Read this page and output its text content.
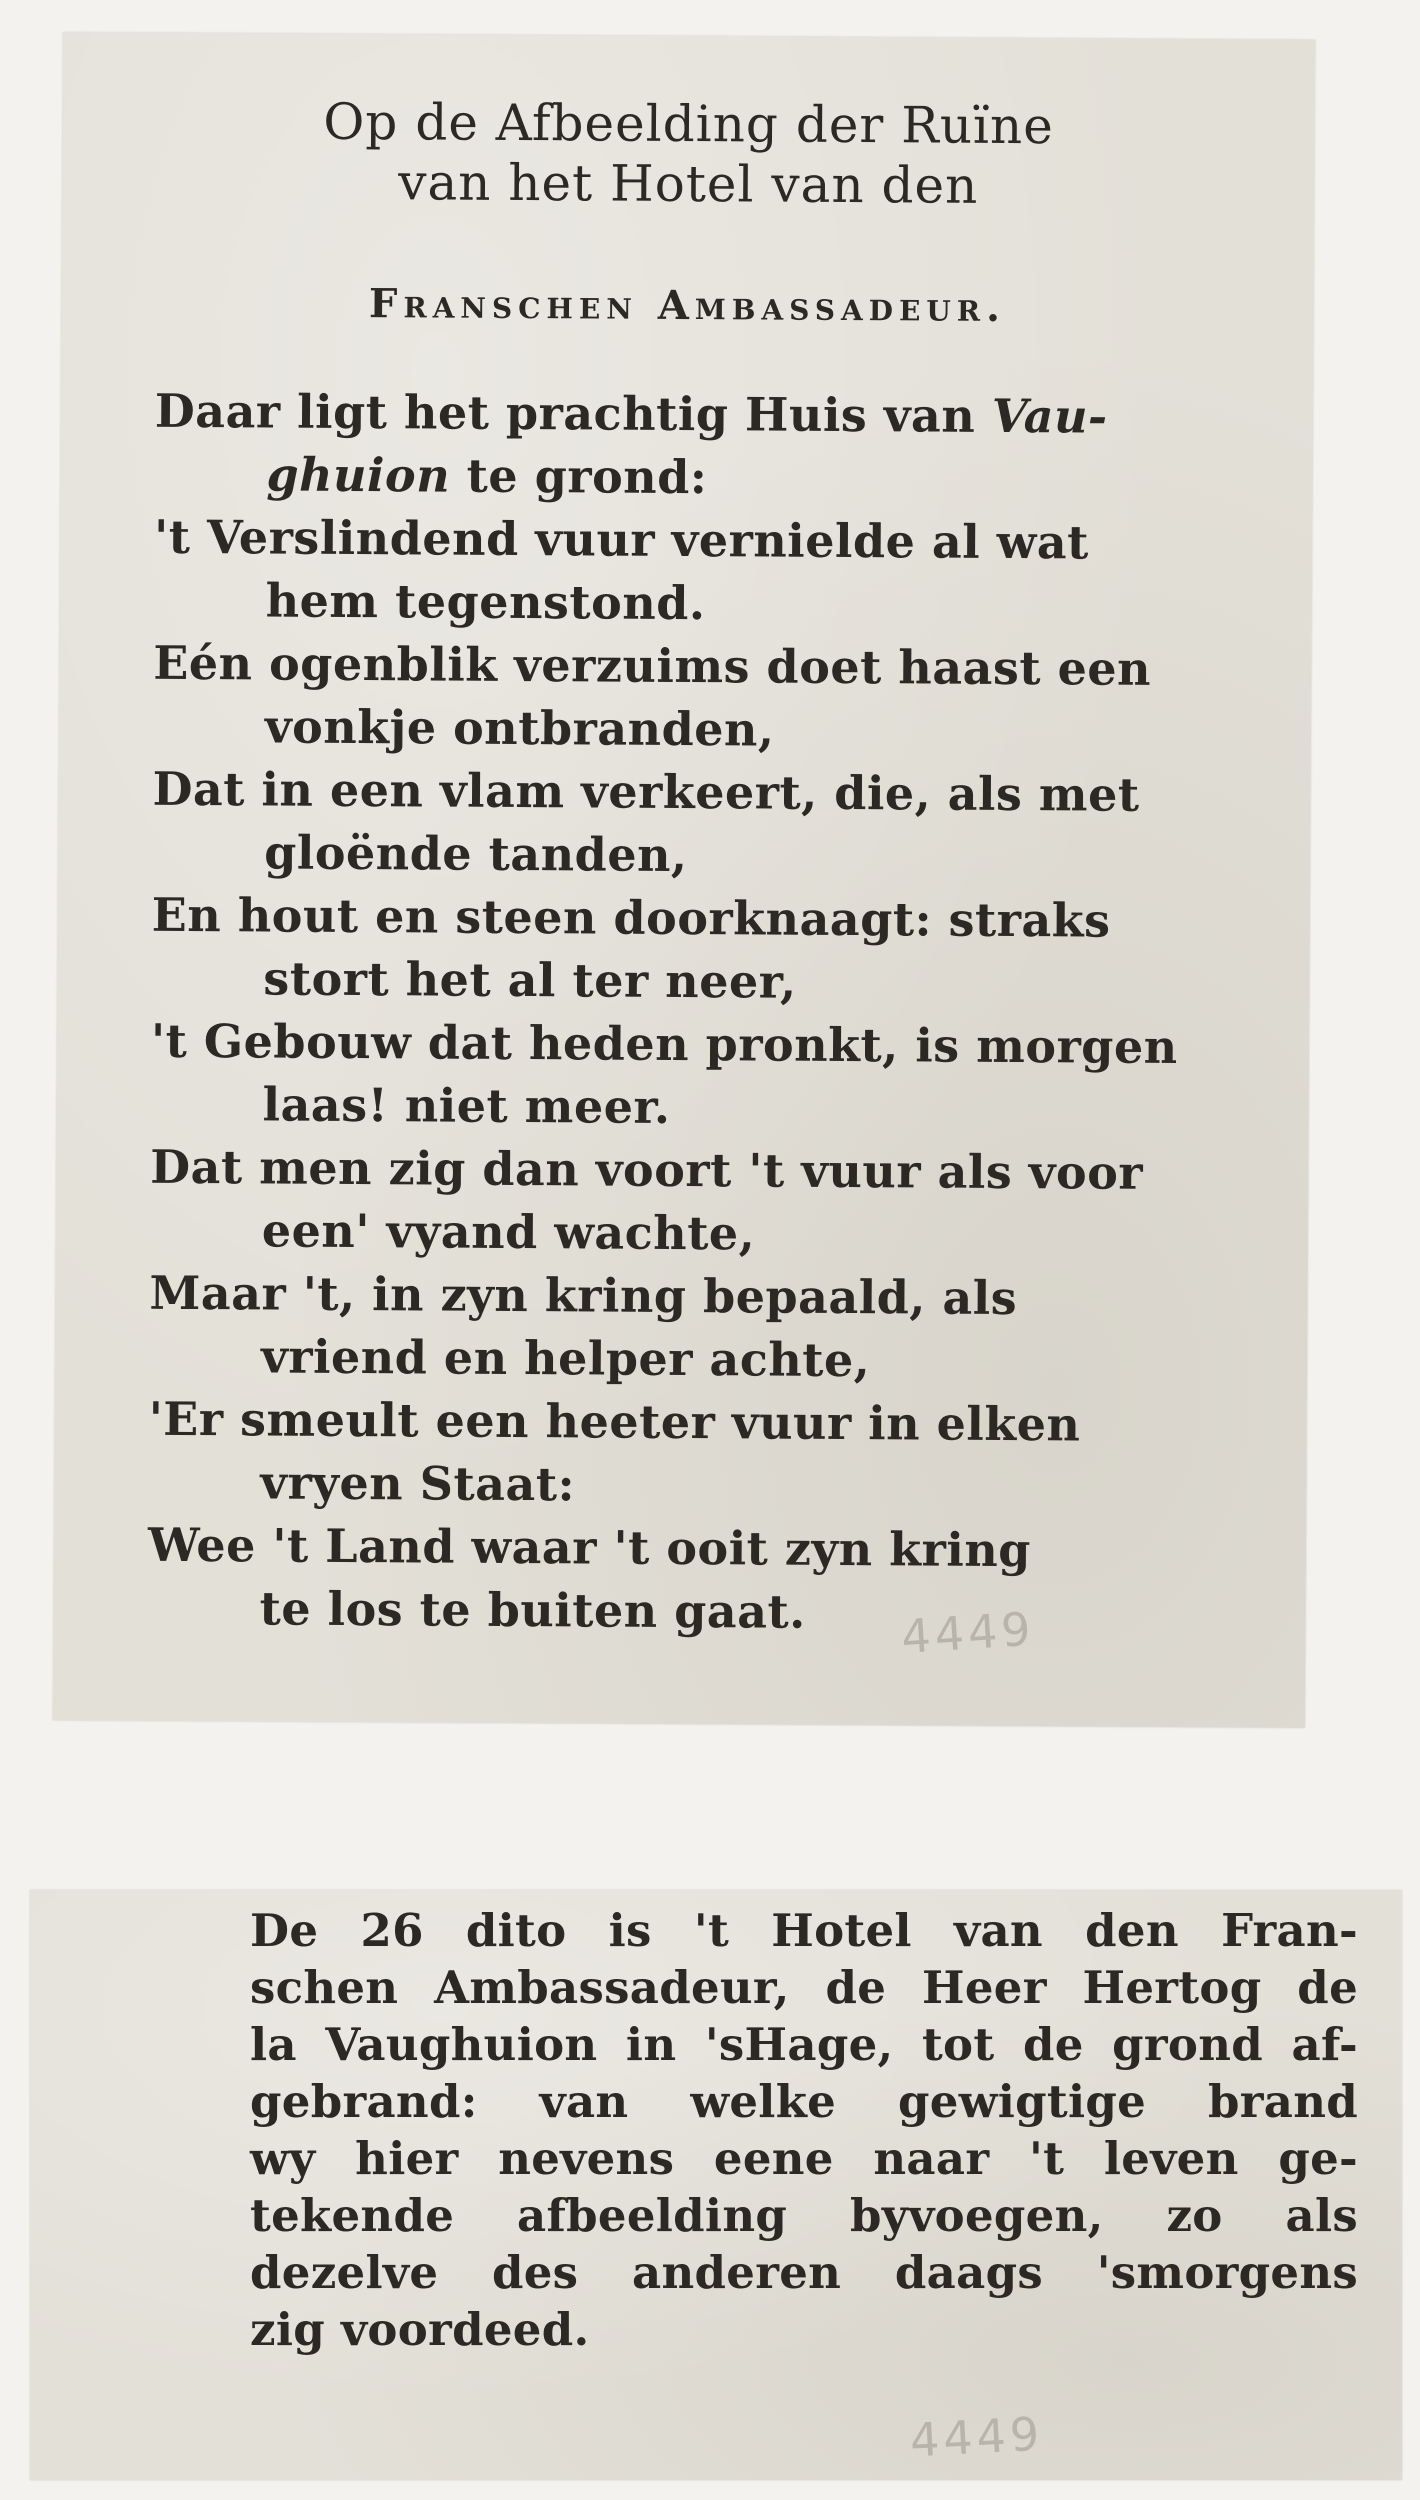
Op de Afbeelding der Ruïne
van het Hotel van den
Franschen Ambassadeur.
Daar ligt het prachtig Huis van Vau-
ghuion te grond:
't Verslindend vuur vernielde al wat
hem tegenstond.
Eén ogenblik verzuims doet haast een
vonkje ontbranden,
Dat in een vlam verkeert, die, als met
gloënde tanden,
En hout en steen doorknaagt: straks
stort het al ter neer,
't Gebouw dat heden pronkt, is morgen
laas! niet meer.
Dat men zig dan voort 't vuur als voor
een' vyand wachte,
Maar 't, in zyn kring bepaald, als
vriend en helper achte,
'Er smeult een heeter vuur in elken
vryen Staat:
Wee 't Land waar 't ooit zyn kring
te los te buiten gaat.	4449
De 26 dito is 't Hotel van den Fran-
schen Ambassadeur, de Heer Hertog de
la Vaughuion in 'sHage, tot de grond af-
gebrand: van welke gewigtige brand
wy hier nevens eene naar 't leven ge-
tekende afbeelding byvoegen, zo als
dezelve des anderen daags 'smorgens
zig voordeed.
4449
